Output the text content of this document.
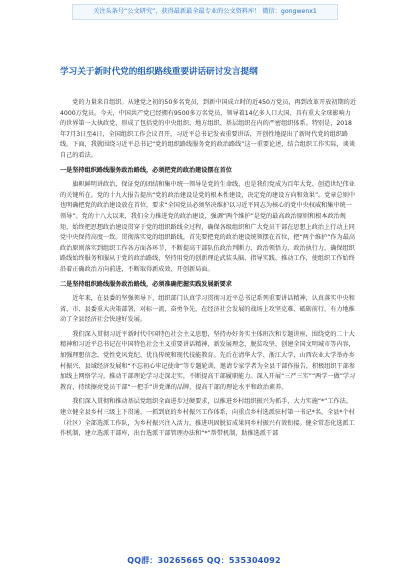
关注头条号“公文研究”，获得最新最全最专业的公文资料库！ 微信：gongwenx1
学习关于新时代党的组织路线重要讲话研讨发言提纲

党的力量来自组织。从建党之初的50多名党员，到新中国成立时的近450万党员，再到改革开放初期的近4000万党员。今天，中国共产党已经拥有9500多万名党员、领导着14亿多人口大国、具有重大全球影响力的世界第一大执政党，形成了包括党的中央组织、地方组织、基层组织在内的严密组织体系。特别是，2018年7月3日至4日，全国组织工作会议召开，习近平总书记发表重要讲话，开创性地提出了新时代党的组织路线。下面，我就围绕习近平总书记“党的组织路线服务党的政治路线”这一重要论述，结合组织工作实际，谈谈自己的看法。

一是坚持组织路线服务政治路线，必须把党的政治建设摆在首位

旗帜鲜明讲政治、保证党的团结和集中统一领导是党的生命线，也是我们党成为百年大党、创造世纪伟业的关键所在。党的十九大报告提出“党的政治建设是党的根本性建设，决定党的建设方向和效果”。党章总则中也明确把党的政治建设放在首位，要求“全国党员必须坚决维护以习近平同志为核心的党中央权威和集中统一领导”。党的十八大以来，我们全力推进党的政治建设，强调“两个维护”是党的最高政治原则和根本政治规矩，始终把思想政治建设贯穿于党的组织路线全过程，确保各级组织和广大党员干部在思想上政治上行动上同党中央保持高度一致。贯彻落实党的组织路线，首先要把党的政治建设统领摆在首位，把“两个维护”作为最高政治原则落实到组织工作各方面各环节，不断提高干部队伍政治判断力、政治领悟力、政治执行力，确保组织路线始终服务和服从于党的政治路线，坚持用党的创新理论武装头脑、指导实践、推动工作，使组织工作始终沿着正确政治方向前进，不断取得新成效、开创新局面。

二是坚持组织路线服务政治路线，必须准确把握实践发展新要求

近年来，在县委的坚强领导下，组织部门认真学习贯彻习近平总书记系列重要讲话精神，认真落实中央和省、市、县委重大决策部署，对标一流，奋勇争先，在经济社会发展的战场上攻坚克难、砥砺前行，有力地推动了全县经济社会快速好发展。

我们深入贯彻习近平新时代中国特色社会主义思想，坚持办好务实主体班次和专题讲座，围绕党的二十大精神和习近平总书记在中国特色社会主义重要讲话精神、新发展理念、脱贫攻坚、创建全国文明城市等内容，加强理想信念、党性党风党纪、优良传统和现代技能教育。先后在清华大学、浙江大学，山西农业大学举办乡村振兴、县域经济发展和“不忘初心牢记使命”等专题轮训，邀请专家学者为全县干部作报告，积极组织干部参加线上网络学习，推动干部理论学习走深走实，不断提高干部履职能力。深入开展“三严三实”“两学一做”学习教育，持续擦亮党员干部“一把手”讲党课的品牌，提高干部的理论水平和政治素养。

我们深入贯彻和推动基层党组织全面进步过硬要求，以推进乡村组织振兴为抓手，大力实施“*”工作法。建立健全县乡村三级上下贯通、一抓到底的乡村振兴工作体系，向重点乡村选派驻村第一书记*名，全县*个村（社区）全部选派工作队，为乡村振兴注入活力，推进巩固脱贫成果同乡村振兴有效衔接。健全常态化选派工作机制，建立选派干部库，出台选派干部管理办法和“*”帮带机制，助推选派干部

QQ群：30265665 QQ：535304092
